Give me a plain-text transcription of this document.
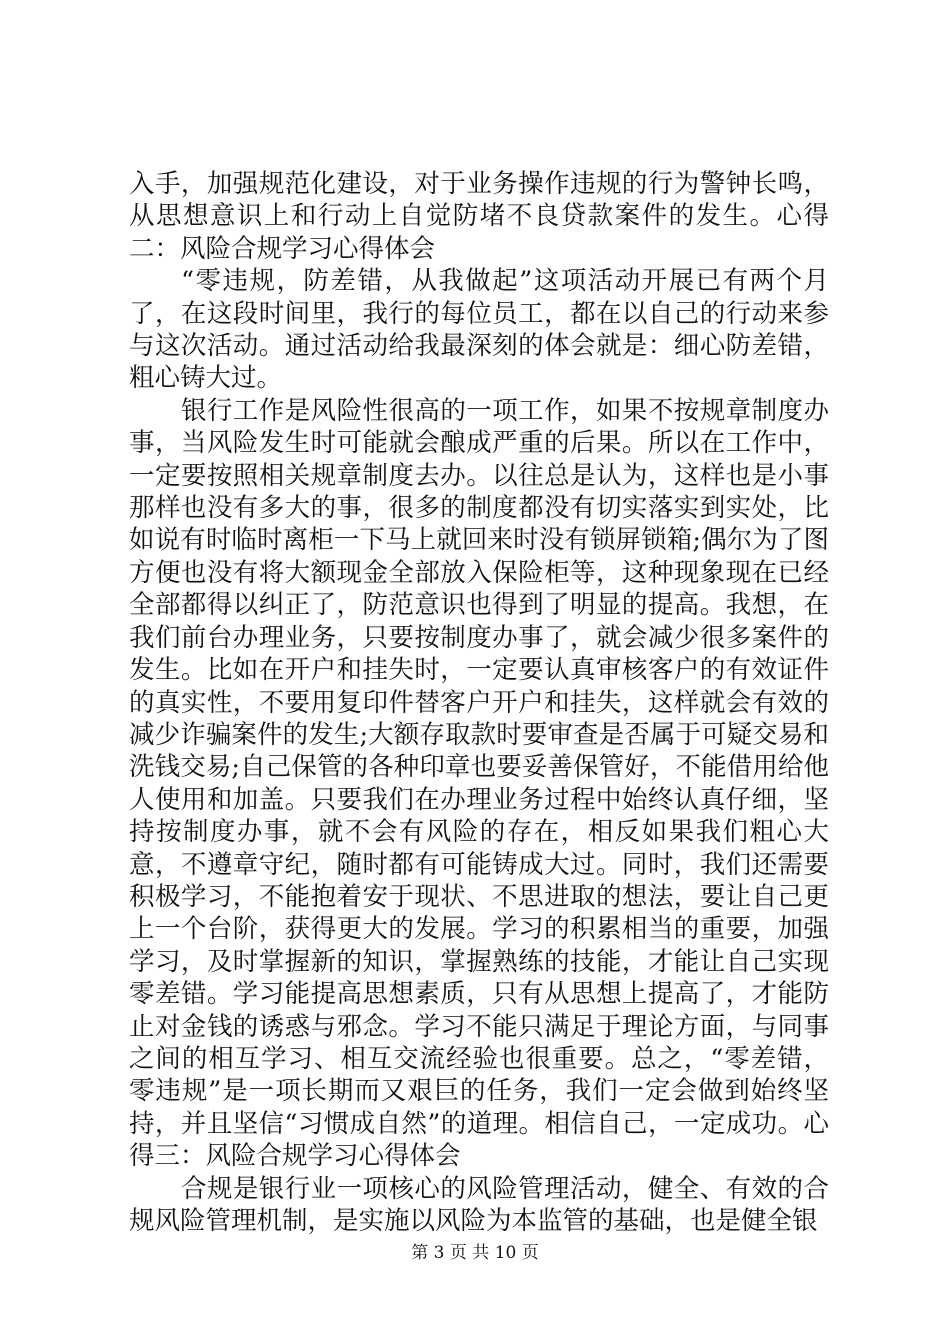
入手，加强规范化建设，对于业务操作违规的行为警钟长鸣，从思想意识上和行动上自觉防堵不良贷款案件的发生。心得二：风险合规学习心得体会

“零违规，防差错，从我做起”这项活动开展已有两个月了，在这段时间里，我行的每位员工，都在以自己的行动来参与这次活动。通过活动给我最深刻的体会就是：细心防差错，粗心铸大过。

银行工作是风险性很高的一项工作，如果不按规章制度办事，当风险发生时可能就会酿成严重的后果。所以在工作中，一定要按照相关规章制度去办。以往总是认为，这样也是小事那样也没有多大的事，很多的制度都没有切实落实到实处，比如说有时临时离柜一下马上就回来时没有锁屏锁箱;偶尔为了图方便也没有将大额现金全部放入保险柜等，这种现象现在已经全部都得以纠正了，防范意识也得到了明显的提高。我想，在我们前台办理业务，只要按制度办事了，就会减少很多案件的发生。比如在开户和挂失时，一定要认真审核客户的有效证件的真实性，不要用复印件替客户开户和挂失，这样就会有效的减少诈骗案件的发生;大额存取款时要审查是否属于可疑交易和洗钱交易;自己保管的各种印章也要妥善保管好，不能借用给他人使用和加盖。只要我们在办理业务过程中始终认真仔细，坚持按制度办事，就不会有风险的存在，相反如果我们粗心大意，不遵章守纪，随时都有可能铸成大过。同时，我们还需要积极学习，不能抱着安于现状、不思进取的想法，要让自己更上一个台阶，获得更大的发展。学习的积累相当的重要，加强学习，及时掌握新的知识，掌握熟练的技能，才能让自己实现零差错。学习能提高思想素质，只有从思想上提高了，才能防止对金钱的诱惑与邪念。学习不能只满足于理论方面，与同事之间的相互学习、相互交流经验也很重要。总之，“零差错，零违规”是一项长期而又艰巨的任务，我们一定会做到始终坚持，并且坚信“习惯成自然”的道理。相信自己，一定成功。心得三：风险合规学习心得体会

合规是银行业一项核心的风险管理活动，健全、有效的合规风险管理机制，是实施以风险为本监管的基础，也是健全银

第 3 页 共 10 页
